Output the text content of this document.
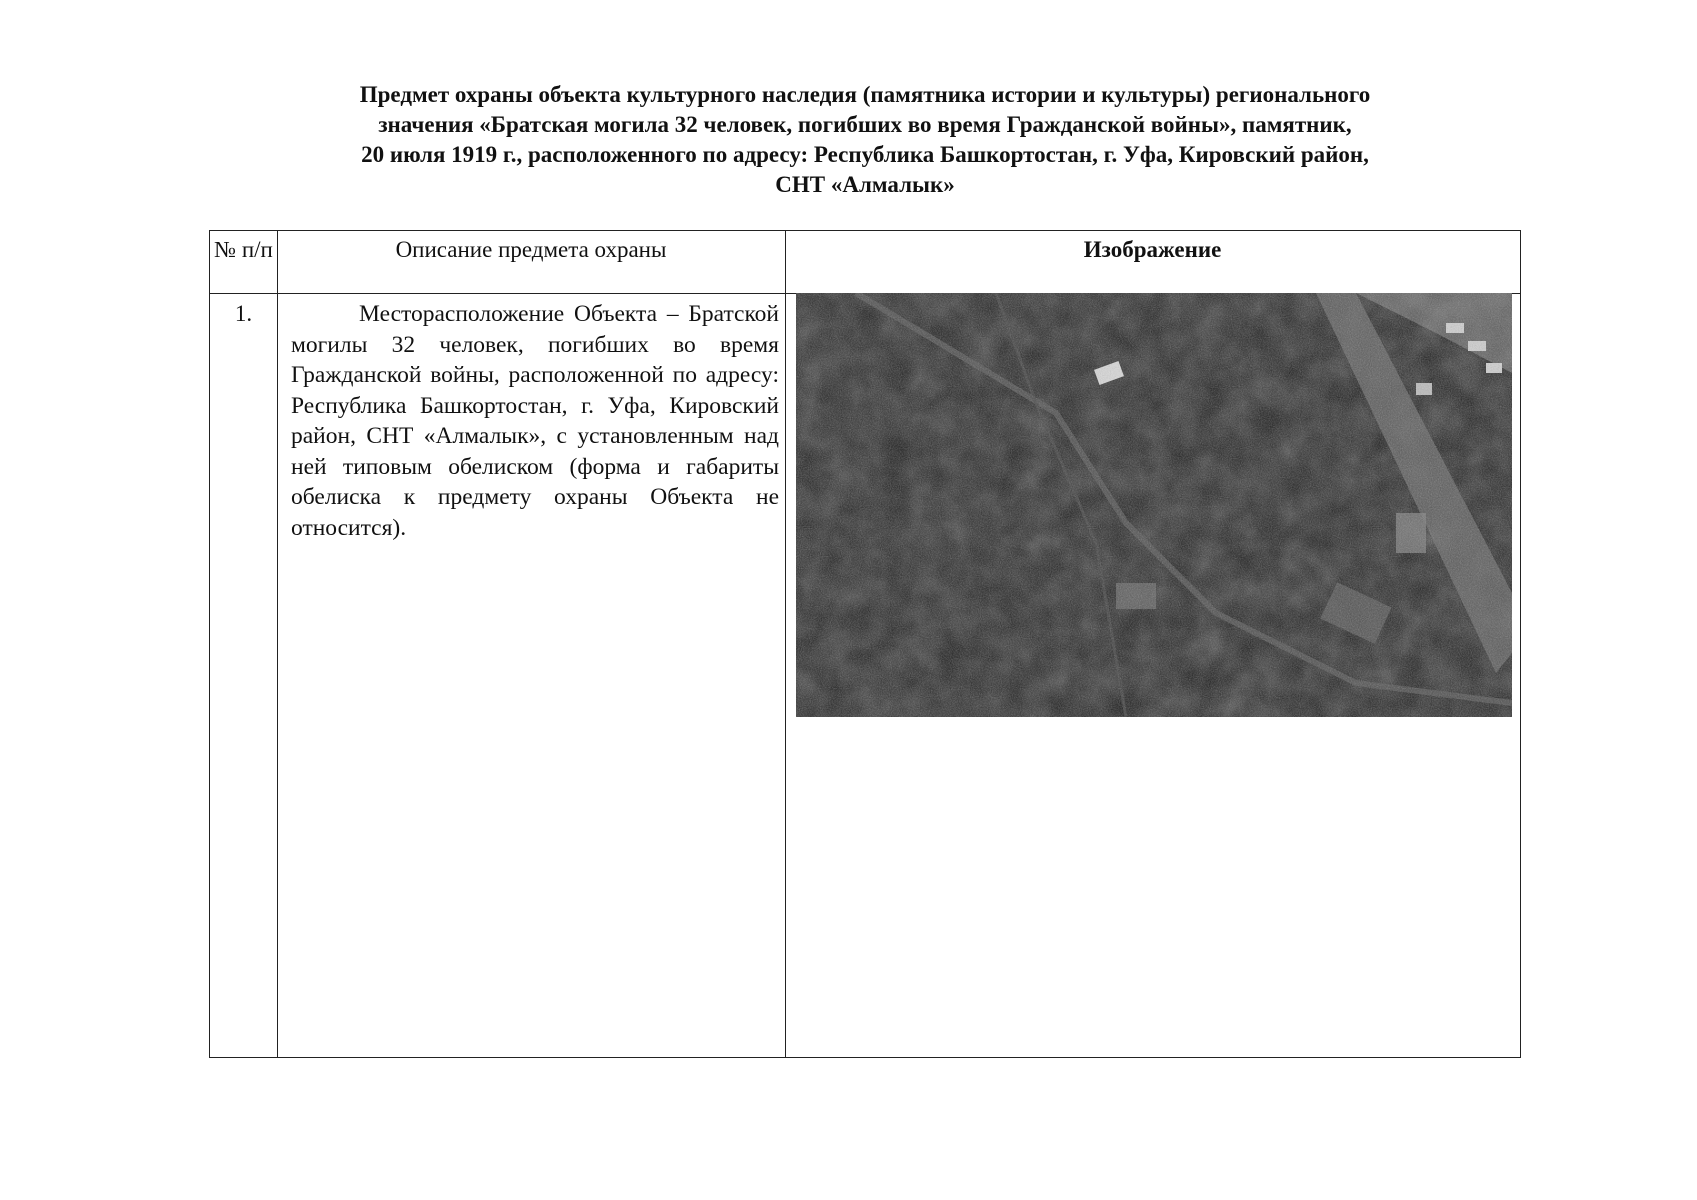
Предмет охраны объекта культурного наследия (памятника истории и культуры) регионального
значения «Братская могила 32 человек, погибших во время Гражданской войны», памятник,
20 июля 1919 г., расположенного по адресу: Республика Башкортостан, г. Уфа, Кировский район,
СНТ «Алмалык»
№ п/п	Описание предмета охраны	Изображение
1.	Месторасположение Объекта – Братской могилы 32 человек, погибших во время Гражданской войны, расположенной по адресу: Республика Башкортостан, г. Уфа, Кировский район, СНТ «Алмалык», с установленным над ней типовым обелиском (форма и габариты обелиска к предмету охраны Объекта не относится).
